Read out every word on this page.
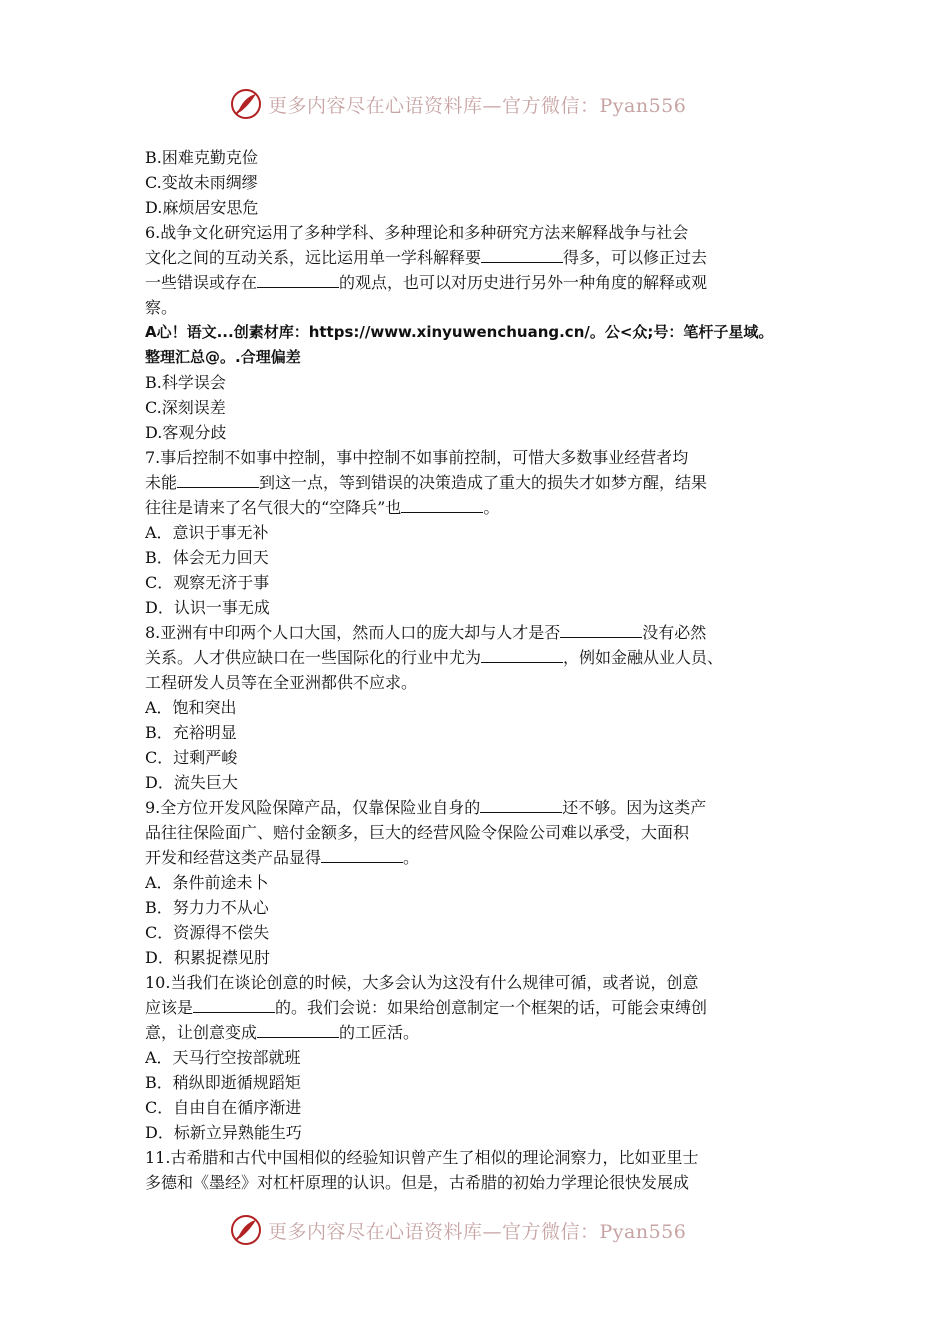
更多内容尽在心语资料库—官方微信：Pyan556
B.困难克勤克俭
C.变故未雨绸缪
D.麻烦居安思危
6.战争文化研究运用了多种学科、多种理论和多种研究方法来解释战争与社会
文化之间的互动关系，远比运用单一学科解释要	得多，可以修正过去
一些错误或存在	的观点，也可以对历史进行另外一种角度的解释或观
察。
A心！语文...创素材库：https://www.xinyuwenchuang.cn/。公<众;号：笔杆子星域。
整理汇总@。.合理偏差
B.科学误会
C.深刻误差
D.客观分歧
7.事后控制不如事中控制，事中控制不如事前控制，可惜大多数事业经营者均
未能	到这一点，等到错误的决策造成了重大的损失才如梦方醒，结果
往往是请来了名气很大的“空降兵”也	。
A．意识于事无补
B．体会无力回天
C．观察无济于事
D．认识一事无成
8.亚洲有中印两个人口大国，然而人口的庞大却与人才是否	没有必然
关系。人才供应缺口在一些国际化的行业中尤为	，例如金融从业人员、
工程研发人员等在全亚洲都供不应求。
A．饱和突出
B．充裕明显
C．过剩严峻
D．流失巨大
9.全方位开发风险保障产品，仅靠保险业自身的	还不够。因为这类产
品往往保险面广、赔付金额多，巨大的经营风险令保险公司难以承受，大面积
开发和经营这类产品显得	。
A．条件前途未卜
B．努力力不从心
C．资源得不偿失
D．积累捉襟见肘
10.当我们在谈论创意的时候，大多会认为这没有什么规律可循，或者说，创意
应该是	的。我们会说：如果给创意制定一个框架的话，可能会束缚创
意，让创意变成	的工匠活。
A．天马行空按部就班
B．稍纵即逝循规蹈矩
C．自由自在循序渐进
D．标新立异熟能生巧
11.古希腊和古代中国相似的经验知识曾产生了相似的理论洞察力，比如亚里士
多德和《墨经》对杠杆原理的认识。但是，古希腊的初始力学理论很快发展成
更多内容尽在心语资料库—官方微信：Pyan556
